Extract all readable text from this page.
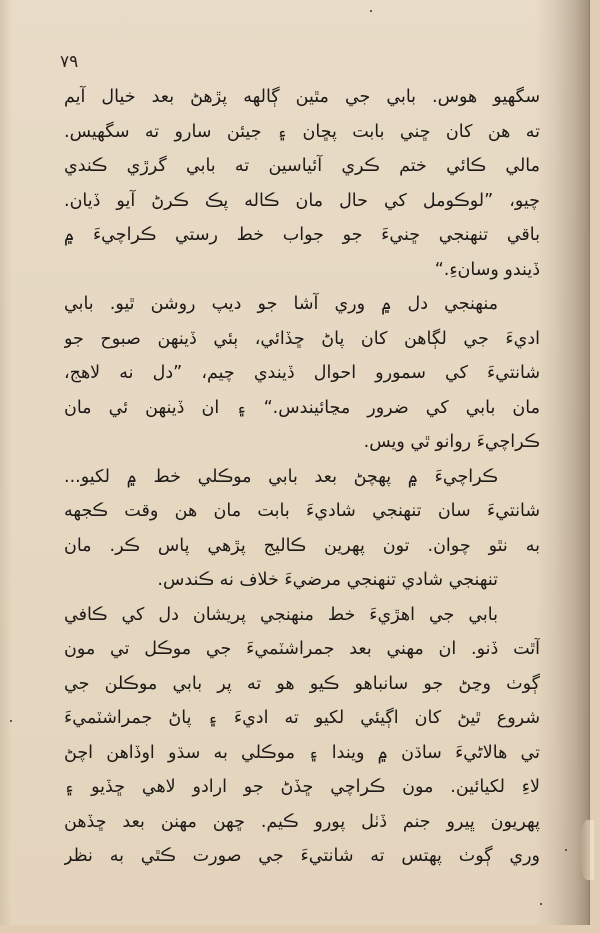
٧٩
سگهيو هوس. بابي جي مٿين ڳالهه پڙهڻ بعد خيال آيم
ته هن کان ڇني بابت پڇان ۽ جيئن سارو ته سگهيس.
مالي ڪائي ختم ڪري آئياسين ته بابي گرڙي ڪندي
چيو، ”لوڪومل کي حال مان ڪاله پڪ ڪرڻ آيو ڏيان.
باقي تنهنجي ڇنيءَ جو جواب خط رستي ڪراچيءَ ۾
ڏيندو وسانءِ.“
منهنجي دل ۾ وري آشا جو ديپ روشن ٿيو. بابي
اديءَ جي لڳاهن کان پاڻ ڇڏائي، ٻئي ڏينهن صبوح جو
شانتيءَ کي سمورو احوال ڏيندي چيم، ”دل نه لاهج،
مان بابي کي ضرور مڃائيندس.“ ۽ ان ڏينهن ئي مان
ڪراچيءَ روانو ٿي ويس.
ڪراچيءَ ۾ پهچڻ بعد بابي موڪلي خط ۾ لکيو...
شانتيءَ سان تنهنجي شاديءَ بابت مان هن وقت ڪجهه
به نٿو چوان. تون پهرين ڪاليج پڙهي پاس ڪر. مان
تنهنجي شادي تنهنجي مرضيءَ خلاف نه ڪندس.
بابي جي اهڙيءَ خط منهنجي پريشان دل کي ڪافي
آٿت ڏنو. ان مهني بعد جمراشٽميءَ جي موڪل تي مون
ڳوٺ وڃڻ جو سانباهو ڪيو هو ته پر بابي موڪلن جي
شروع ٿيڻ کان اڳيئي لکيو ته اديءَ ۽ پاڻ جمراشٽميءَ
تي هالاڻيءَ ساڌن ۾ ويندا ۽ موڪلي به سڌو اوڏاهن اچڻ
لاءِ لکيائين. مون ڪراچي ڇڏڻ جو ارادو لاهي ڇڏيو ۽
پهريون ڀيرو جنم ڏٺل پورو ڪيم. ڇهن مهنن بعد ڇڏهن
وري ڳوٺ پهتس ته شانتيءَ جي صورت ڪٿي به نظر
